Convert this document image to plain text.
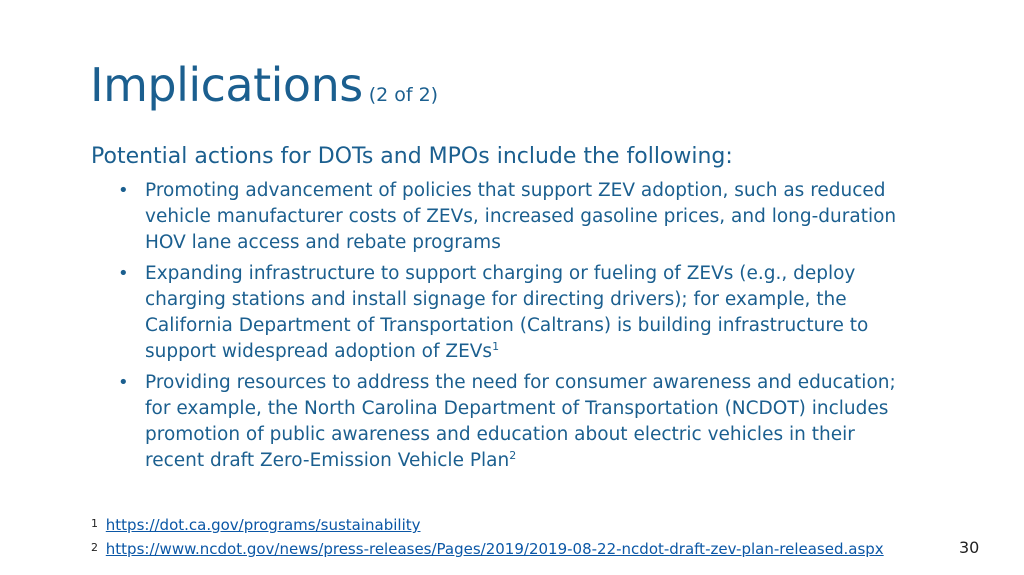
Implications (2 of 2)
Potential actions for DOTs and MPOs include the following:
• Promoting advancement of policies that support ZEV adoption, such as reduced vehicle manufacturer costs of ZEVs, increased gasoline prices, and long-duration HOV lane access and rebate programs
• Expanding infrastructure to support charging or fueling of ZEVs (e.g., deploy charging stations and install signage for directing drivers); for example, the California Department of Transportation (Caltrans) is building infrastructure to support widespread adoption of ZEVs$^1$
• Providing resources to address the need for consumer awareness and education; for example, the North Carolina Department of Transportation (NCDOT) includes promotion of public awareness and education about electric vehicles in their recent draft Zero-Emission Vehicle Plan$^2$
$^1$ https://dot.ca.gov/programs/sustainability
$^2$ https://www.ncdot.gov/news/press-releases/Pages/2019/2019-08-22-ncdot-draft-zev-plan-released.aspx	30
